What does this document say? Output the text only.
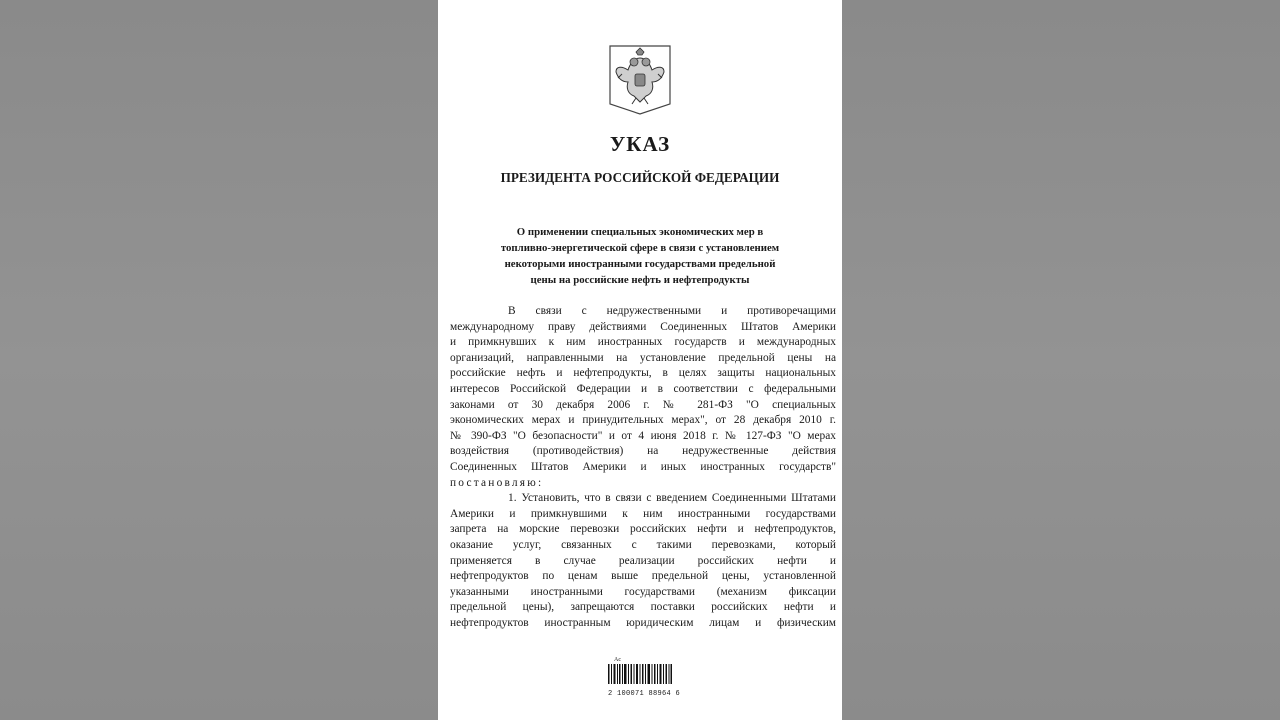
УКАЗ
ПРЕЗИДЕНТА РОССИЙСКОЙ ФЕДЕРАЦИИ
О применении специальных экономических мер в
топливно-энергетической сфере в связи с установлением
некоторыми иностранными государствами предельной
цены на российские нефть и нефтепродукты
В связи с недружественными и противоречащими
международному праву действиями Соединенных Штатов Америки
и примкнувших к ним иностранных государств и международных
организаций, направленными на установление предельной цены на
российские нефть и нефтепродукты, в целях защиты национальных
интересов Российской Федерации и в соответствии с федеральными
законами от 30 декабря 2006 г. № 281-ФЗ "О специальных
экономических мерах и принудительных мерах", от 28 декабря 2010 г.
№ 390-ФЗ "О безопасности" и от 4 июня 2018 г. № 127-ФЗ "О мерах
воздействия (противодействия) на недружественные действия
Соединенных Штатов Америки и иных иностранных государств"
постановляю:
1. Установить, что в связи с введением Соединенными Штатами
Америки и примкнувшими к ним иностранными государствами
запрета на морские перевозки российских нефти и нефтепродуктов,
оказание услуг, связанных с такими перевозками, который
применяется в случае реализации российских нефти и
нефтепродуктов по ценам выше предельной цены, установленной
указанными иностранными государствами (механизм фиксации
предельной цены), запрещаются поставки российских нефти и
нефтепродуктов иностранным юридическим лицам и физическим
Ac
2 100071 88964 6
